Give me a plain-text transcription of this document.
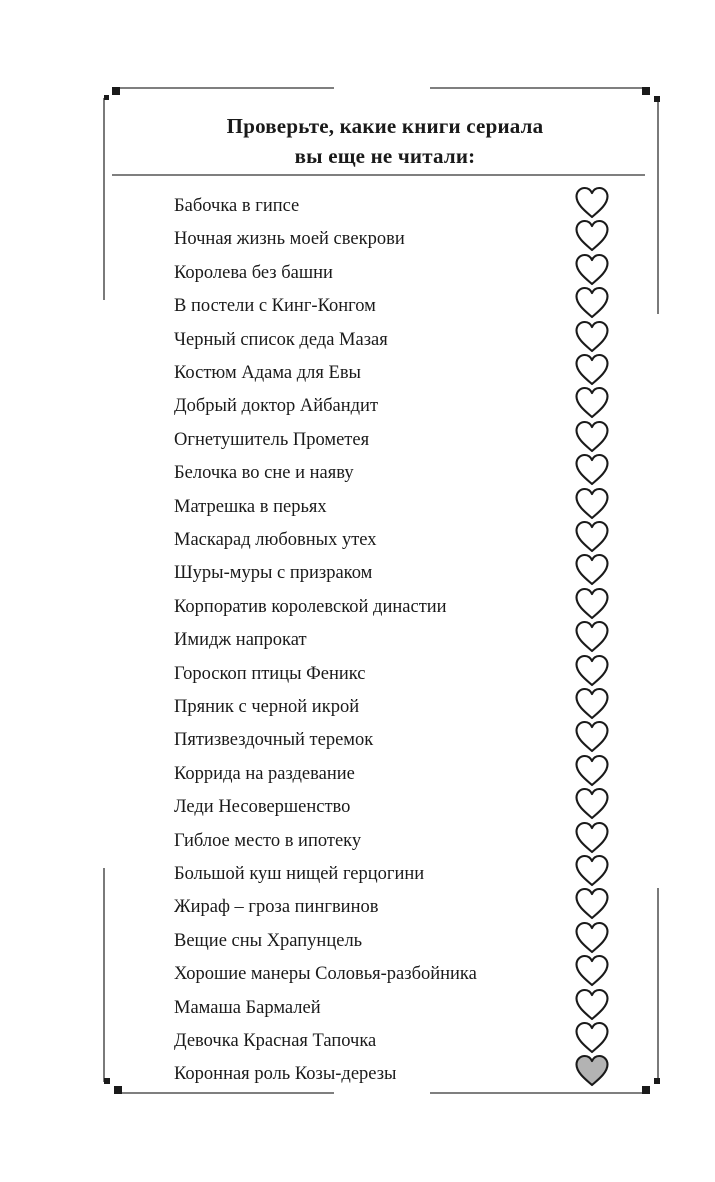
Проверьте, какие книги сериала
вы еще не читали:
Бабочка в гипсе
Ночная жизнь моей свекрови
Королева без башни
В постели с Кинг-Конгом
Черный список деда Мазая
Костюм Адама для Евы
Добрый доктор Айбандит
Огнетушитель Прометея
Белочка во сне и наяву
Матрешка в перьях
Маскарад любовных утех
Шуры-муры с призраком
Корпоратив королевской династии
Имидж напрокат
Гороскоп птицы Феникс
Пряник с черной икрой
Пятизвездочный теремок
Коррида на раздевание
Леди Несовершенство
Гиблое место в ипотеку
Большой куш нищей герцогини
Жираф – гроза пингвинов
Вещие сны Храпунцель
Хорошие манеры Соловья-разбойника
Мамаша Бармалей
Девочка Красная Тапочка
Коронная роль Козы-дерезы
